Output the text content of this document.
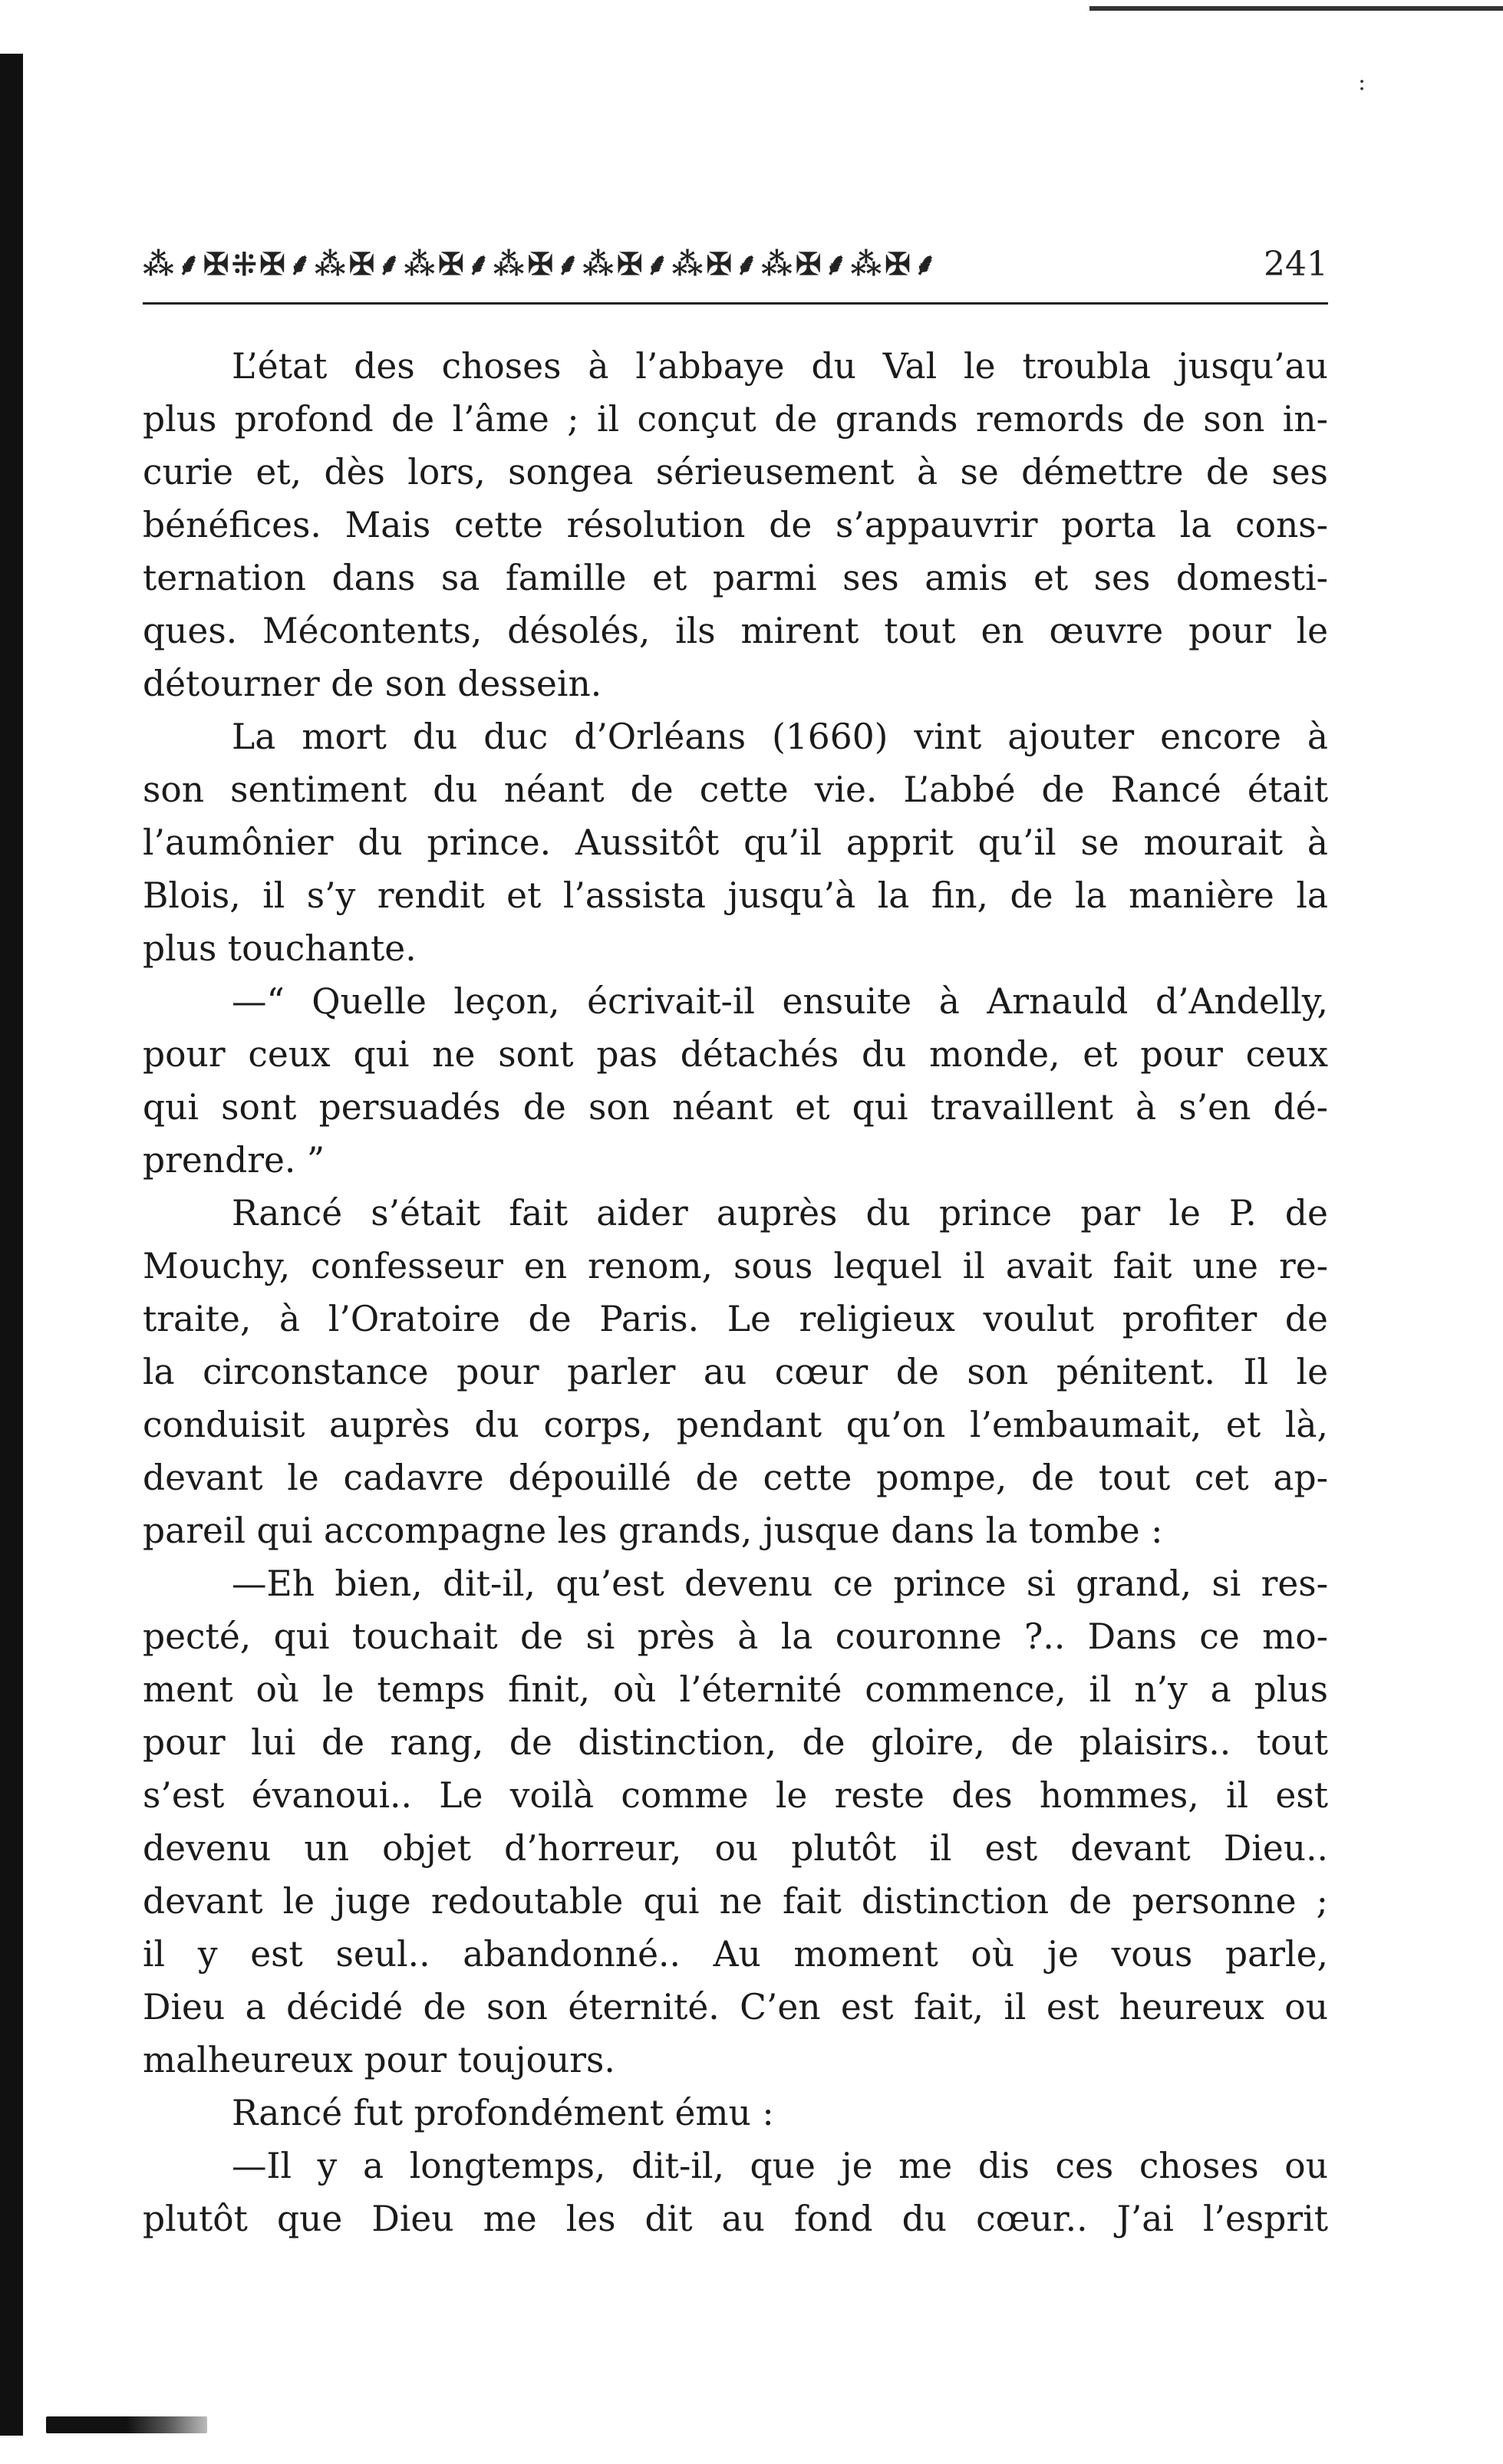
:
⁂⸙✠⁜✠⸙⁂✠⸙⁂✠⸙⁂✠⸙⁂✠⸙⁂✠⸙⁂✠⸙⁂✠⸙	241
L’état des choses à l’abbaye du Val le troubla jusqu’au
plus profond de l’âme ; il conçut de grands remords de son in-
curie et, dès lors, songea sérieusement à se démettre de ses
bénéfices. Mais cette résolution de s’appauvrir porta la cons-
ternation dans sa famille et parmi ses amis et ses domesti-
ques. Mécontents, désolés, ils mirent tout en œuvre pour le
détourner de son dessein.
La mort du duc d’Orléans (1660) vint ajouter encore à
son sentiment du néant de cette vie. L’abbé de Rancé était
l’aumônier du prince. Aussitôt qu’il apprit qu’il se mourait à
Blois, il s’y rendit et l’assista jusqu’à la fin, de la manière la
plus touchante.
—“ Quelle leçon, écrivait-il ensuite à Arnauld d’Andelly,
pour ceux qui ne sont pas détachés du monde, et pour ceux
qui sont persuadés de son néant et qui travaillent à s’en dé-
prendre. ”
Rancé s’était fait aider auprès du prince par le P. de
Mouchy, confesseur en renom, sous lequel il avait fait une re-
traite, à l’Oratoire de Paris. Le religieux voulut profiter de
la circonstance pour parler au cœur de son pénitent. Il le
conduisit auprès du corps, pendant qu’on l’embaumait, et là,
devant le cadavre dépouillé de cette pompe, de tout cet ap-
pareil qui accompagne les grands, jusque dans la tombe :
—Eh bien, dit-il, qu’est devenu ce prince si grand, si res-
pecté, qui touchait de si près à la couronne ?.. Dans ce mo-
ment où le temps finit, où l’éternité commence, il n’y a plus
pour lui de rang, de distinction, de gloire, de plaisirs.. tout
s’est évanoui.. Le voilà comme le reste des hommes, il est
devenu un objet d’horreur, ou plutôt il est devant Dieu..
devant le juge redoutable qui ne fait distinction de personne ;
il y est seul.. abandonné.. Au moment où je vous parle,
Dieu a décidé de son éternité. C’en est fait, il est heureux ou
malheureux pour toujours.
Rancé fut profondément ému :
—Il y a longtemps, dit-il, que je me dis ces choses ou
plutôt que Dieu me les dit au fond du cœur.. J’ai l’esprit
